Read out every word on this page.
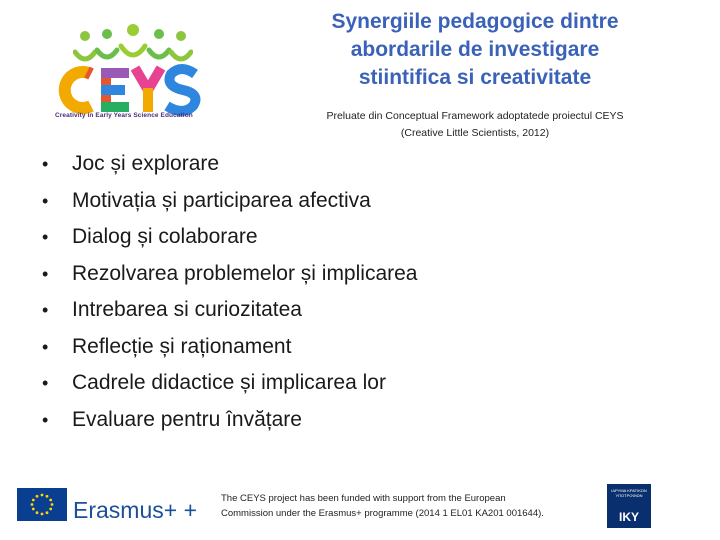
Creativity in Early Years Science Education
Synergiile pedagogice dintre
abordarile de investigare
stiintifica si creativitate
Preluate din Conceptual Framework adoptatede proiectul CEYS
(Creative Little Scientists, 2012)
• Joc și explorare
• Motivația și participarea afectiva
• Dialog și colaborare
• Rezolvarea problemelor și implicarea
• Intrebarea si curiozitatea
• Reflecție și raționament
• Cadrele didactice și implicarea lor
• Evaluare pentru învățare
Erasmus+ +	The CEYS project has been funded with support from the European
Commission under the Erasmus+ programme (2014 1 EL01 KA201 001644).
ΙΔΡΥΜΑ ΚΡΑΤΙΚΩΝ ΥΠΟΤΡΟΦΙΩΝ
IKY
